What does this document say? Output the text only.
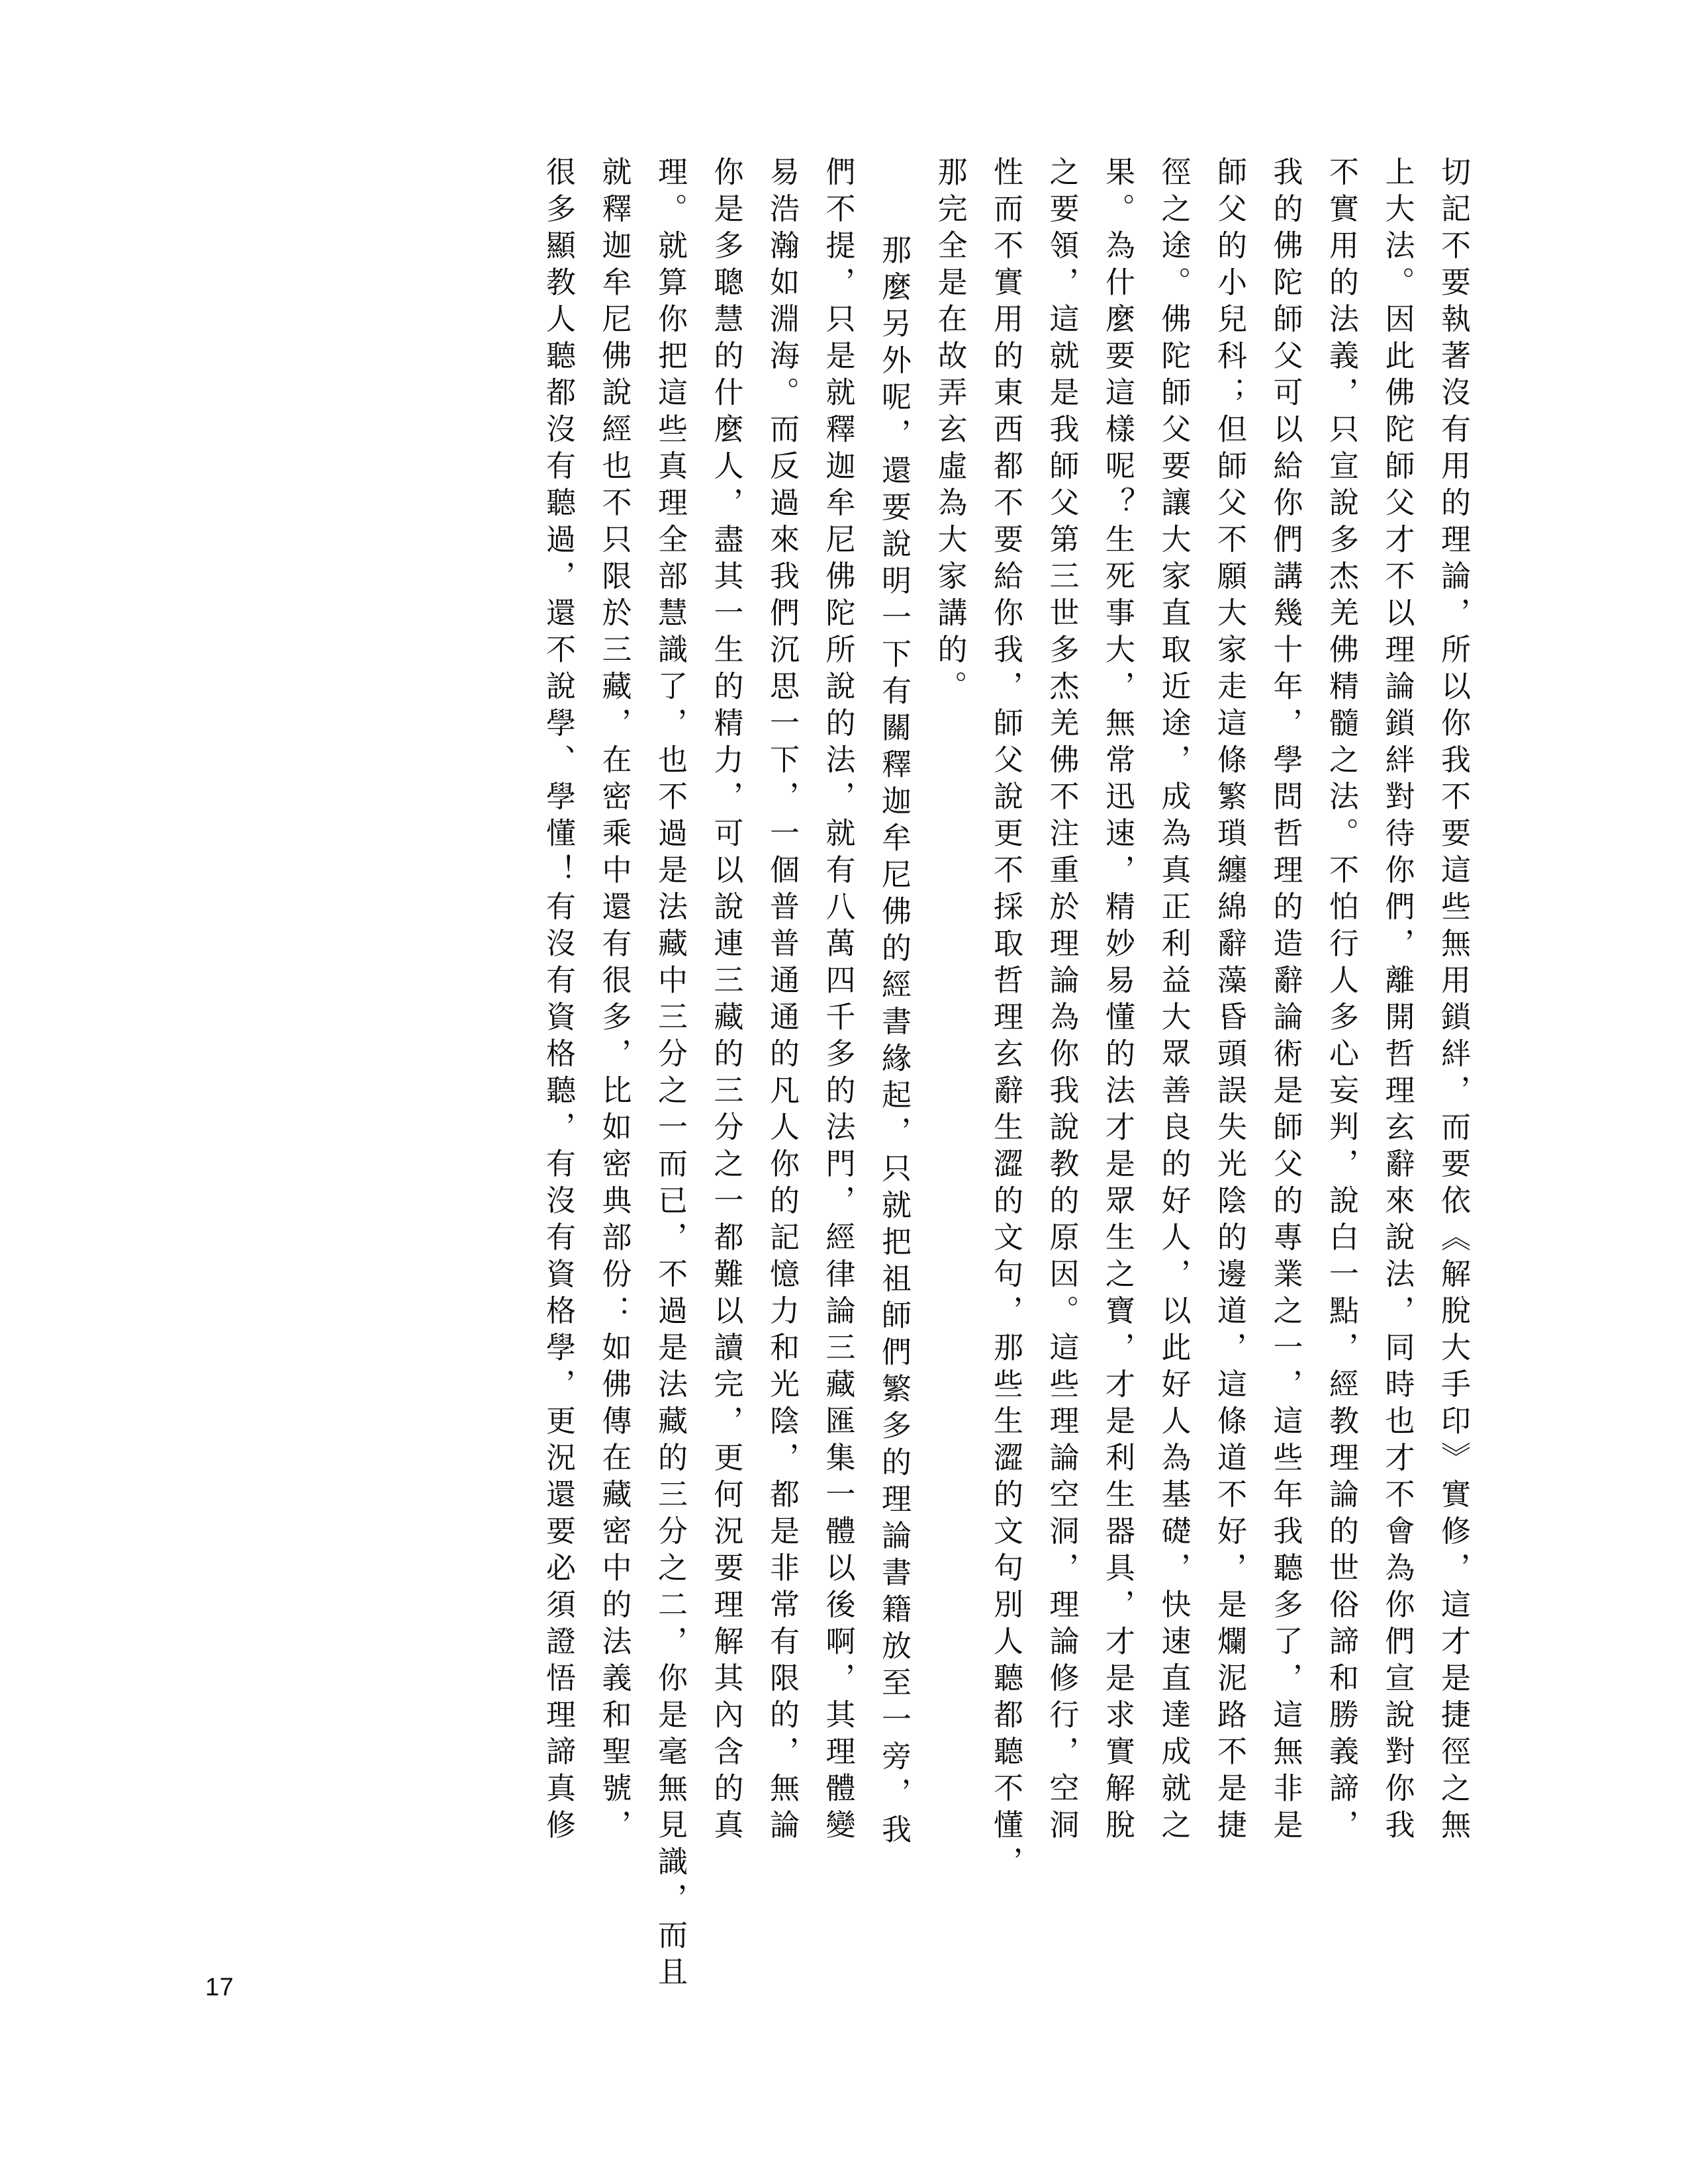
切記不要執著沒有用的理論，所以你我不要這些無用鎖絆，而要依《解脫大手印》實修，這才是捷徑之無
上大法。因此佛陀師父才不以理論鎖絆對待你們，離開哲理玄辭來說法，同時也才不會為你們宣說對你我
不實用的法義，只宣說多杰羌佛精髓之法。不怕行人多心妄判，說白一點，經教理論的世俗諦和勝義諦，
我的佛陀師父可以給你們講幾十年，學問哲理的造辭論術是師父的專業之一，這些年我聽多了，這無非是
師父的小兒科；但師父不願大家走這條繁瑣纏綿辭藻昏頭誤失光陰的邊道，這條道不好，是爛泥路不是捷
徑之途。佛陀師父要讓大家直取近途，成為真正利益大眾善良的好人，以此好人為基礎，快速直達成就之
果。為什麼要這樣呢？生死事大，無常迅速，精妙易懂的法才是眾生之寶，才是利生器具，才是求實解脫
之要領，這就是我師父第三世多杰羌佛不注重於理論為你我說教的原因。這些理論空洞，理論修行，空洞
性而不實用的東西都不要給你我，師父說更不採取哲理玄辭生澀的文句，那些生澀的文句別人聽都聽不懂，
那完全是在故弄玄虛為大家講的。
那麼另外呢，還要說明一下有關釋迦牟尼佛的經書緣起，只就把祖師們繁多的理論書籍放至一旁，我
們不提，只是就釋迦牟尼佛陀所說的法，就有八萬四千多的法門，經律論三藏匯集一體以後啊，其理體變
易浩瀚如淵海。而反過來我們沉思一下，一個普普通通的凡人你的記憶力和光陰，都是非常有限的，無論
你是多聰慧的什麼人，盡其一生的精力，可以說連三藏的三分之一都難以讀完，更何況要理解其內含的真
理。就算你把這些真理全部慧識了，也不過是法藏中三分之一而已，不過是法藏的三分之二，你是毫無見識，而且
就釋迦牟尼佛說經也不只限於三藏，在密乘中還有很多，比如密典部份：如佛傳在藏密中的法義和聖號，
很多顯教人聽都沒有聽過，還不說學、學懂！有沒有資格聽，有沒有資格學，更況還要必須證悟理諦真修
17
